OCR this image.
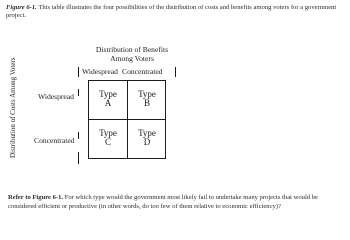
Figure 6-1. This table illustrates the four possibilities of the distribution of costs and benefits among voters for a government project.
Distribution of Benefits Among Voters
Widespread Concentrated
Distribution of Costs Among Voters	Widespread
Concentrated
Type
A
Type
B
Type
C
Type
D
Refer to Figure 6-1. For which type would the government most likely fail to undertake many projects that would be considered efficient or productive (in other words, do too few of them relative to economic efficiency)?
